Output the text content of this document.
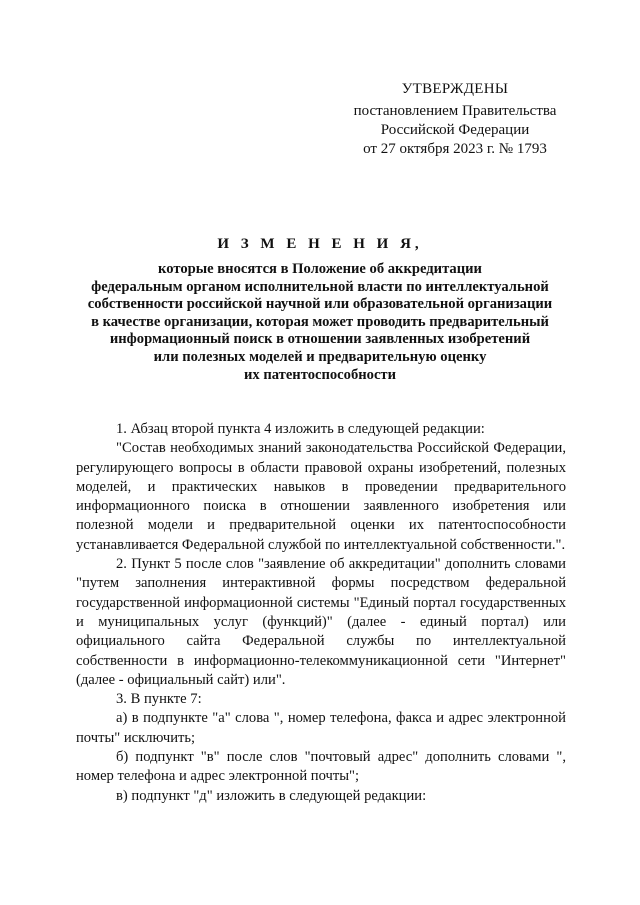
УТВЕРЖДЕНЫ
постановлением Правительства
Российской Федерации
от 27 октября 2023 г. № 1793
И З М Е Н Е Н И Я,
которые вносятся в Положение об аккредитации
федеральным органом исполнительной власти по интеллектуальной
собственности российской научной или образовательной организации
в качестве организации, которая может проводить предварительный
информационный поиск в отношении заявленных изобретений
или полезных моделей и предварительную оценку
их патентоспособности

1. Абзац второй пункта 4 изложить в следующей редакции:

"Состав необходимых знаний законодательства Российской Федерации, регулирующего вопросы в области правовой охраны изобретений, полезных моделей, и практических навыков в проведении предварительного информационного поиска в отношении заявленного изобретения или полезной модели и предварительной оценки их патентоспособности устанавливается Федеральной службой по интеллектуальной собственности.".

2. Пункт 5 после слов "заявление об аккредитации" дополнить словами "путем заполнения интерактивной формы посредством федеральной государственной информационной системы "Единый портал государственных и муниципальных услуг (функций)" (далее - единый портал) или официального сайта Федеральной службы по интеллектуальной собственности в информационно-телекоммуникационной сети "Интернет" (далее - официальный сайт) или".

3. В пункте 7:

а) в подпункте "а" слова ", номер телефона, факса и адрес электронной почты" исключить;

б) подпункт "в" после слов "почтовый адрес" дополнить словами ", номер телефона и адрес электронной почты";

в) подпункт "д" изложить в следующей редакции:
